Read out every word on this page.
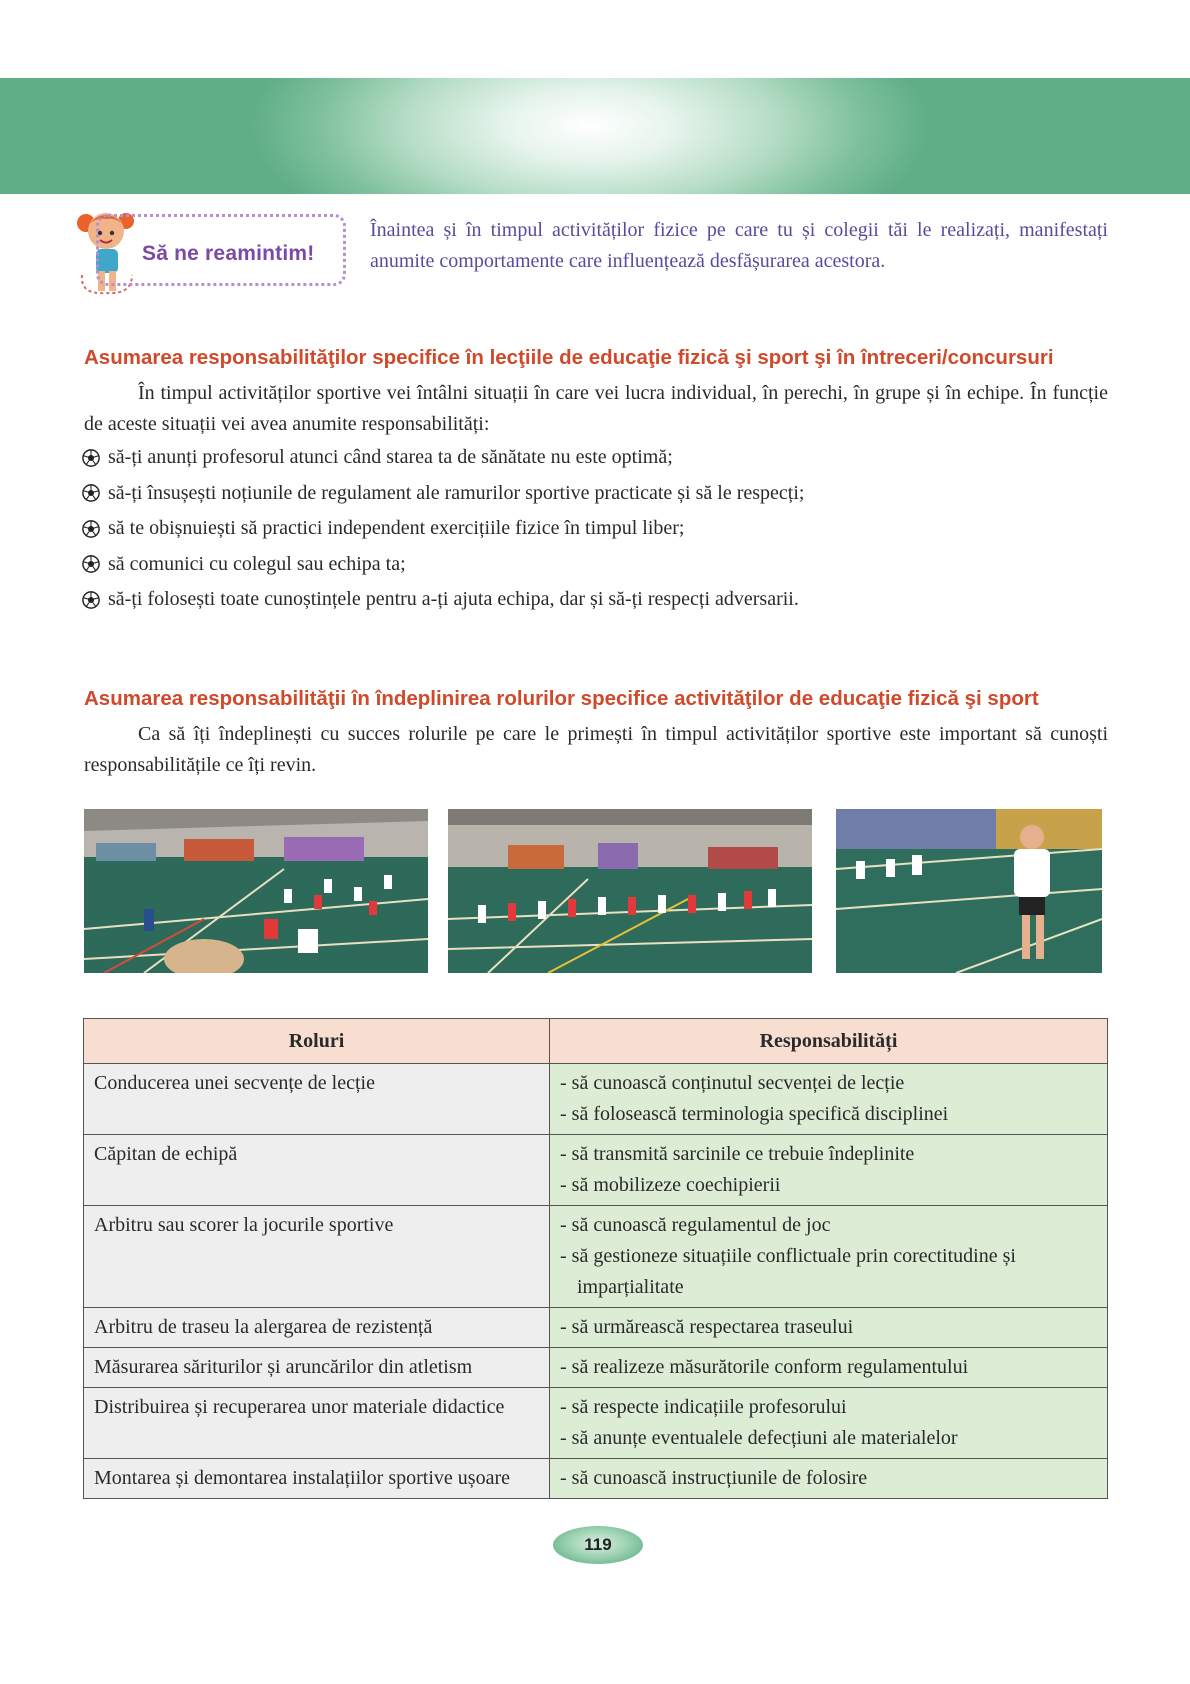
Să ne reamintim!
Înaintea și în timpul activităților fizice pe care tu și colegii tăi le realizați, manifestați anumite comportamente care influențează desfășurarea acestora.
Asumarea responsabilităţilor specifice în lecţiile de educaţie fizică şi sport şi în întreceri/concursuri
În timpul activităților sportive vei întâlni situații în care vei lucra individual, în perechi, în grupe și în echipe. În funcție de aceste situații vei avea anumite responsabilități:
să-ți anunți profesorul atunci când starea ta de sănătate nu este optimă;
să-ți însușești noțiunile de regulament ale ramurilor sportive practicate și să le respecți;
să te obișnuiești să practici independent exercițiile fizice în timpul liber;
să comunici cu colegul sau echipa ta;
să-ți folosești toate cunoștințele pentru a-ți ajuta echipa, dar și să-ți respecți adversarii.
Asumarea responsabilităţii în îndeplinirea rolurilor specifice activităţilor de educaţie fizică şi sport
Ca să îți îndeplinești cu succes rolurile pe care le primești în timpul activităților sportive este important să cunoști responsabilitățile ce îți revin.
Roluri	Responsabilități
Conducerea unei secvențe de lecție	- să cunoască conținutul secvenței de lecție
- să folosească terminologia specifică disciplinei

Căpitan de echipă	- să transmită sarcinile ce trebuie îndeplinite
- să mobilizeze coechipierii

Arbitru sau scorer la jocurile sportive	- să cunoască regulamentul de joc
- să gestioneze situațiile conflictuale prin corectitudine și imparțialitate

Arbitru de traseu la alergarea de rezistență	- să urmărească respectarea traseului

Măsurarea săriturilor și aruncărilor din atletism	- să realizeze măsurătorile conform regulamentului

Distribuirea și recuperarea unor materiale didactice	- să respecte indicațiile profesorului
- să anunțe eventualele defecțiuni ale materialelor

Montarea și demontarea instalațiilor sportive ușoare	- să cunoască instrucțiunile de folosire
119
